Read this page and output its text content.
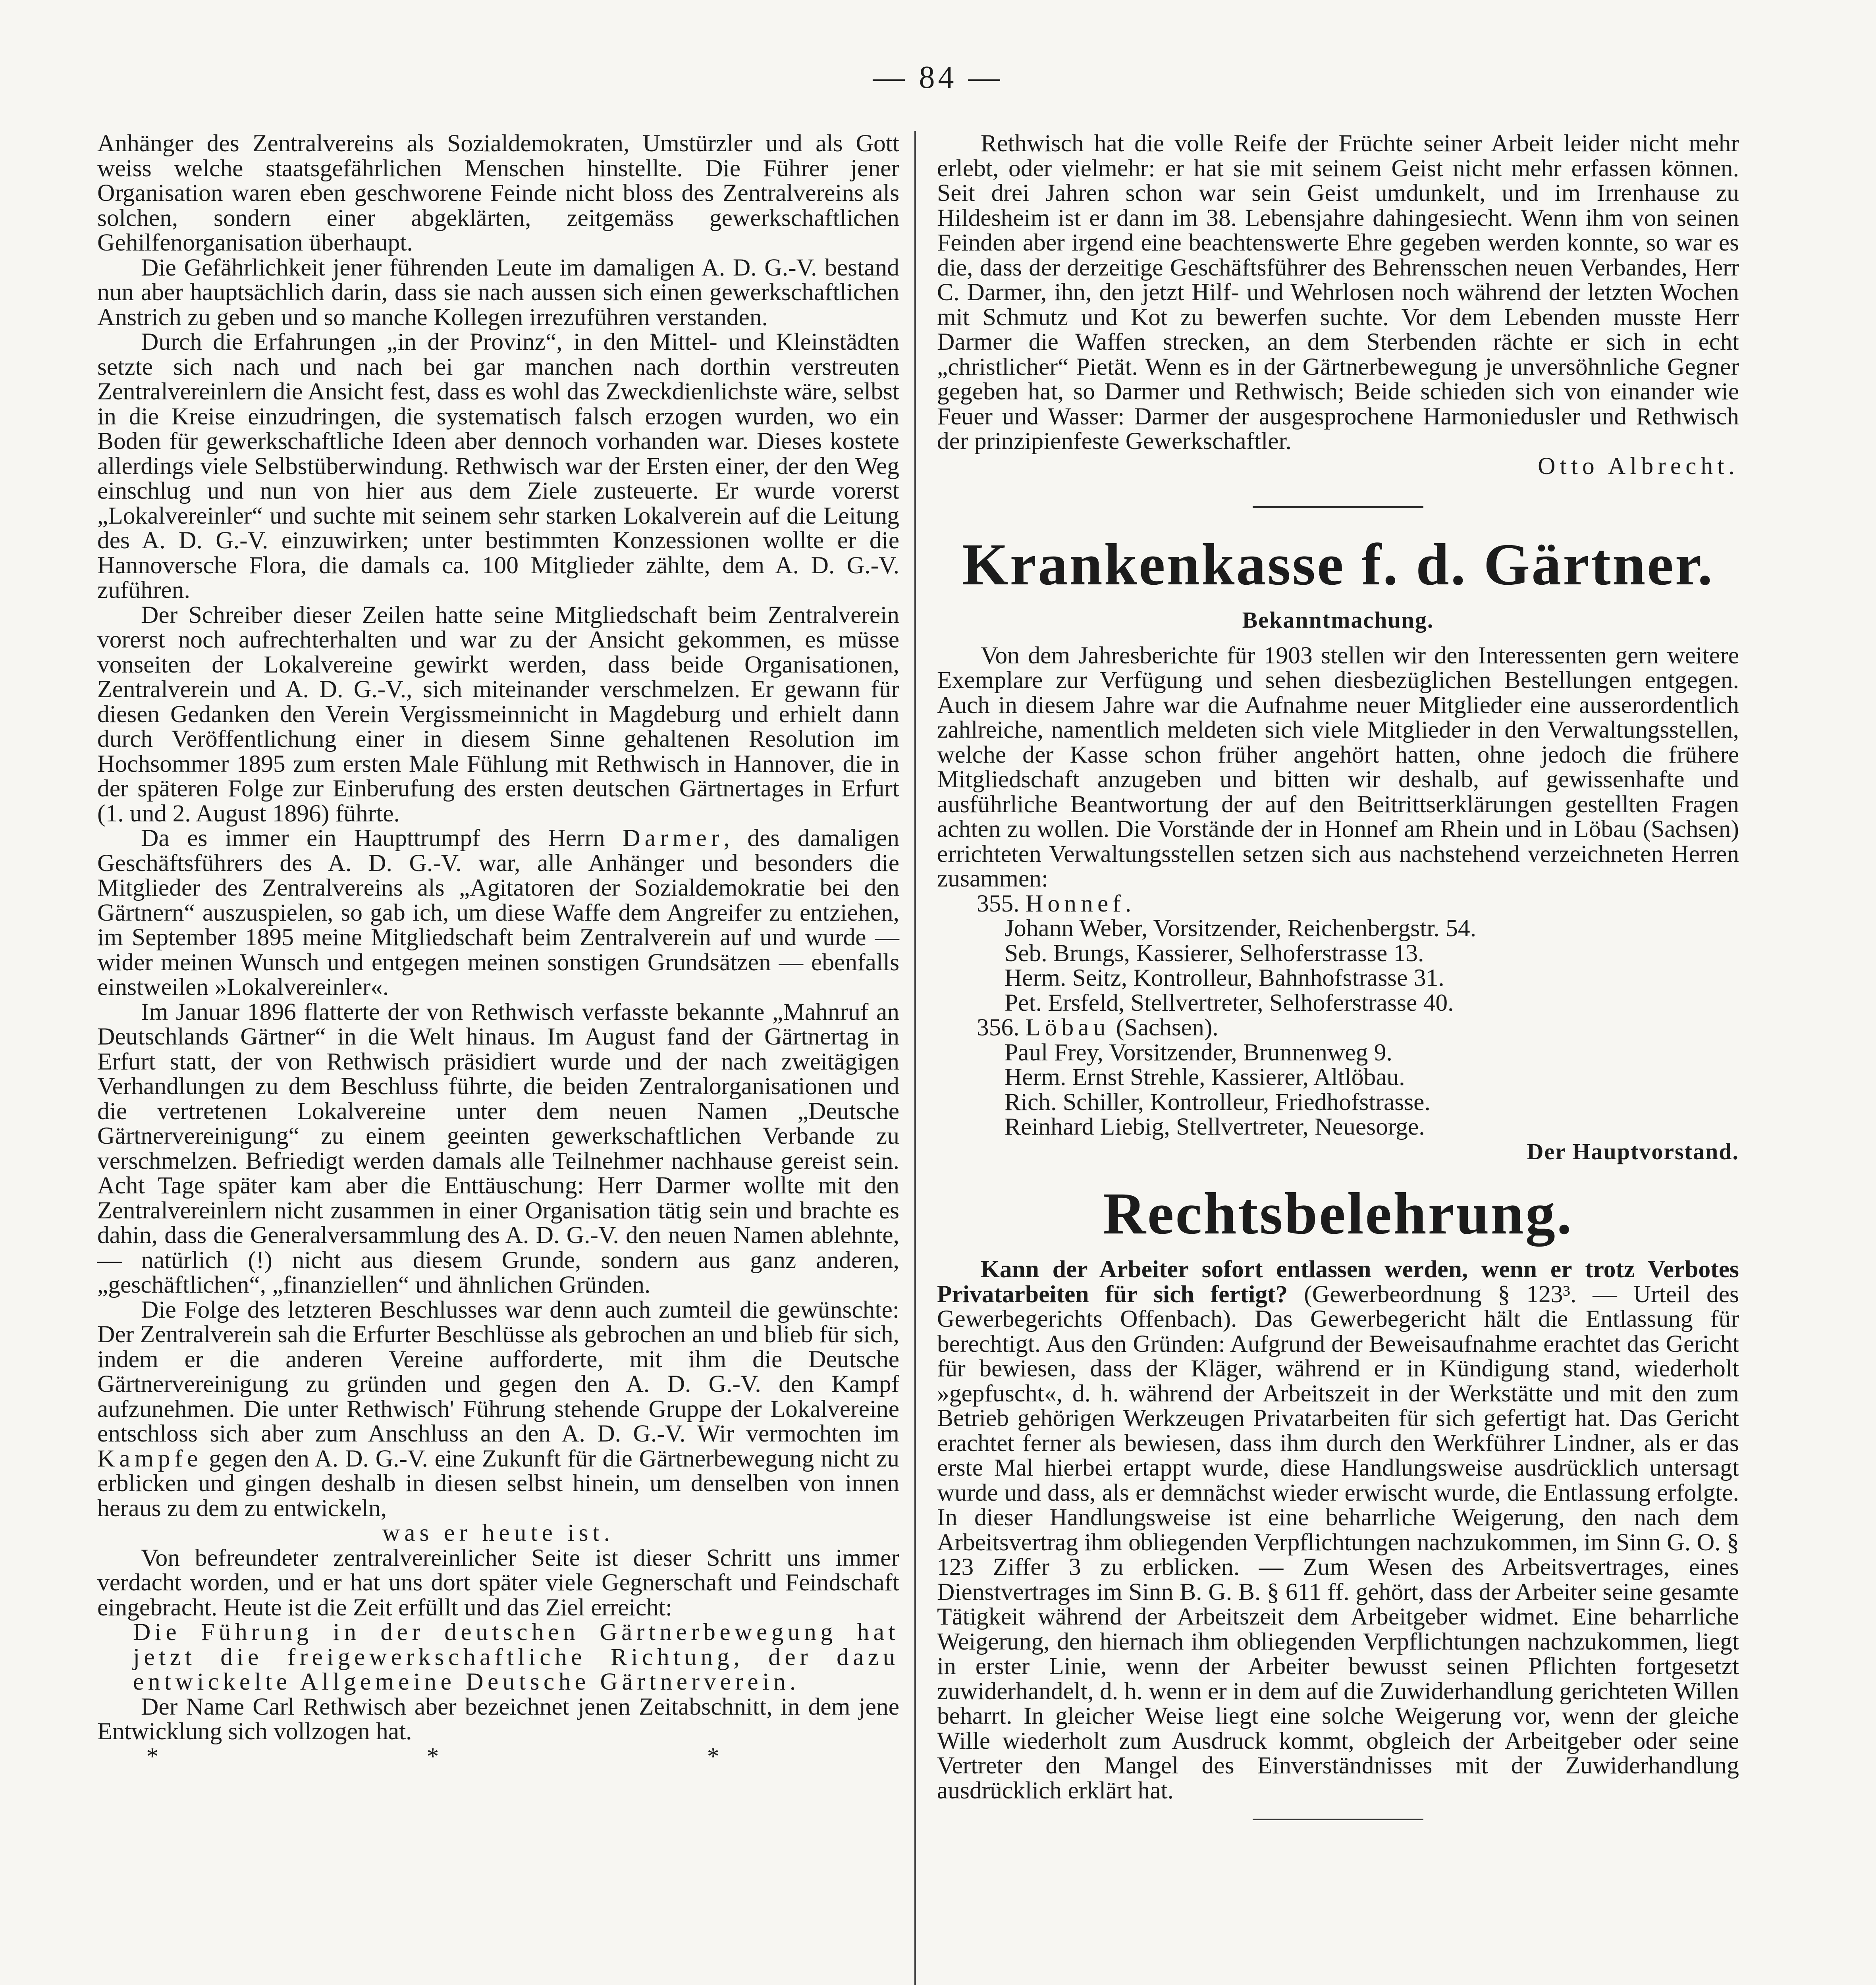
— 84 —

Anhänger des Zentralvereins als Sozialdemokraten, Umstürzler und als Gott weiss welche staatsgefährlichen Menschen hinstellte. Die Führer jener Organisation waren eben geschworene Feinde nicht bloss des Zentralvereins als solchen, sondern einer abgeklärten, zeitgemäss gewerkschaftlichen Gehilfenorganisation überhaupt.

Die Gefährlichkeit jener führenden Leute im damaligen A. D. G.-V. bestand nun aber hauptsächlich darin, dass sie nach aussen sich einen gewerkschaftlichen Anstrich zu geben und so manche Kollegen irrezuführen verstanden.

Durch die Erfahrungen „in der Provinz“, in den Mittel- und Kleinstädten setzte sich nach und nach bei gar manchen nach dorthin verstreuten Zentralvereinlern die Ansicht fest, dass es wohl das Zweckdienlichste wäre, selbst in die Kreise einzudringen, die systematisch falsch erzogen wurden, wo ein Boden für gewerkschaftliche Ideen aber dennoch vorhanden war. Dieses kostete allerdings viele Selbstüberwindung. Rethwisch war der Ersten einer, der den Weg einschlug und nun von hier aus dem Ziele zusteuerte. Er wurde vorerst „Lokalvereinler“ und suchte mit seinem sehr starken Lokalverein auf die Leitung des A. D. G.-V. einzuwirken; unter bestimmten Konzessionen wollte er die Hannoversche Flora, die damals ca. 100 Mitglieder zählte, dem A. D. G.-V. zuführen.

Der Schreiber dieser Zeilen hatte seine Mitgliedschaft beim Zentralverein vorerst noch aufrechterhalten und war zu der Ansicht gekommen, es müsse vonseiten der Lokalvereine gewirkt werden, dass beide Organisationen, Zentralverein und A. D. G.-V., sich miteinander verschmelzen. Er gewann für diesen Gedanken den Verein Vergissmeinnicht in Magdeburg und erhielt dann durch Veröffentlichung einer in diesem Sinne gehaltenen Resolution im Hochsommer 1895 zum ersten Male Fühlung mit Rethwisch in Hannover, die in der späteren Folge zur Einberufung des ersten deutschen Gärtnertages in Erfurt (1. und 2. August 1896) führte.

Da es immer ein Haupttrumpf des Herrn Darmer, des damaligen Geschäftsführers des A. D. G.-V. war, alle Anhänger und besonders die Mitglieder des Zentralvereins als „Agitatoren der Sozialdemokratie bei den Gärtnern“ auszuspielen, so gab ich, um diese Waffe dem Angreifer zu entziehen, im September 1895 meine Mitgliedschaft beim Zentralverein auf und wurde — wider meinen Wunsch und entgegen meinen sonstigen Grundsätzen — ebenfalls einstweilen »Lokalvereinler«.

Im Januar 1896 flatterte der von Rethwisch verfasste bekannte „Mahnruf an Deutschlands Gärtner“ in die Welt hinaus. Im August fand der Gärtnertag in Erfurt statt, der von Rethwisch präsidiert wurde und der nach zweitägigen Verhandlungen zu dem Beschluss führte, die beiden Zentralorganisationen und die vertretenen Lokalvereine unter dem neuen Namen „Deutsche Gärtnervereinigung“ zu einem geeinten gewerkschaftlichen Verbande zu verschmelzen. Befriedigt werden damals alle Teilnehmer nachhause gereist sein. Acht Tage später kam aber die Enttäuschung: Herr Darmer wollte mit den Zentralvereinlern nicht zusammen in einer Organisation tätig sein und brachte es dahin, dass die Generalversammlung des A. D. G.-V. den neuen Namen ablehnte, — natürlich (!) nicht aus diesem Grunde, sondern aus ganz anderen, „geschäftlichen“, „finanziellen“ und ähnlichen Gründen.

Die Folge des letzteren Beschlusses war denn auch zumteil die gewünschte: Der Zentralverein sah die Erfurter Beschlüsse als gebrochen an und blieb für sich, indem er die anderen Vereine aufforderte, mit ihm die Deutsche Gärtnervereinigung zu gründen und gegen den A. D. G.-V. den Kampf aufzunehmen. Die unter Rethwisch' Führung stehende Gruppe der Lokalvereine entschloss sich aber zum Anschluss an den A. D. G.-V. Wir vermochten im Kampfe gegen den A. D. G.-V. eine Zukunft für die Gärtnerbewegung nicht zu erblicken und gingen deshalb in diesen selbst hinein, um denselben von innen heraus zu dem zu entwickeln,

was er heute ist.

Von befreundeter zentralvereinlicher Seite ist dieser Schritt uns immer verdacht worden, und er hat uns dort später viele Gegnerschaft und Feindschaft eingebracht. Heute ist die Zeit erfüllt und das Ziel erreicht:

Die Führung in der deutschen Gärtnerbewegung hat jetzt die freigewerkschaftliche Richtung, der dazu entwickelte Allgemeine Deutsche Gärtnerverein.

Der Name Carl Rethwisch aber bezeichnet jenen Zeitabschnitt, in dem jene Entwicklung sich vollzogen hat.

* * *

Rethwisch hat die volle Reife der Früchte seiner Arbeit leider nicht mehr erlebt, oder vielmehr: er hat sie mit seinem Geist nicht mehr erfassen können. Seit drei Jahren schon war sein Geist umdunkelt, und im Irrenhause zu Hildesheim ist er dann im 38. Lebensjahre dahingesiecht. Wenn ihm von seinen Feinden aber irgend eine beachtenswerte Ehre gegeben werden konnte, so war es die, dass der derzeitige Geschäftsführer des Behrensschen neuen Verbandes, Herr C. Darmer, ihn, den jetzt Hilf- und Wehrlosen noch während der letzten Wochen mit Schmutz und Kot zu bewerfen suchte. Vor dem Lebenden musste Herr Darmer die Waffen strecken, an dem Sterbenden rächte er sich in echt „christlicher“ Pietät. Wenn es in der Gärtnerbewegung je unversöhnliche Gegner gegeben hat, so Darmer und Rethwisch; Beide schieden sich von einander wie Feuer und Wasser: Darmer der ausgesprochene Harmoniedusler und Rethwisch der prinzipienfeste Gewerkschaftler.

Otto Albrecht.

Krankenkasse f. d. Gärtner.
Bekanntmachung.

Von dem Jahresberichte für 1903 stellen wir den Interessenten gern weitere Exemplare zur Verfügung und sehen diesbezüglichen Bestellungen entgegen. Auch in diesem Jahre war die Aufnahme neuer Mitglieder eine ausserordentlich zahlreiche, namentlich meldeten sich viele Mitglieder in den Verwaltungsstellen, welche der Kasse schon früher angehört hatten, ohne jedoch die frühere Mitgliedschaft anzugeben und bitten wir deshalb, auf gewissenhafte und ausführliche Beantwortung der auf den Beitrittserklärungen gestellten Fragen achten zu wollen. Die Vorstände der in Honnef am Rhein und in Löbau (Sachsen) errichteten Verwaltungsstellen setzen sich aus nachstehend verzeichneten Herren zusammen:

355. Honnef.

Johann Weber, Vorsitzender, Reichenbergstr. 54.

Seb. Brungs, Kassierer, Selhoferstrasse 13.

Herm. Seitz, Kontrolleur, Bahnhofstrasse 31.

Pet. Ersfeld, Stellvertreter, Selhoferstrasse 40.

356. Löbau (Sachsen).

Paul Frey, Vorsitzender, Brunnenweg 9.

Herm. Ernst Strehle, Kassierer, Altlöbau.

Rich. Schiller, Kontrolleur, Friedhofstrasse.

Reinhard Liebig, Stellvertreter, Neuesorge.

Der Hauptvorstand.

Rechtsbelehrung.

Kann der Arbeiter sofort entlassen werden, wenn er trotz Verbotes Privatarbeiten für sich fertigt? (Gewerbeordnung § 123³. — Urteil des Gewerbegerichts Offenbach). Das Gewerbegericht hält die Entlassung für berechtigt. Aus den Gründen: Aufgrund der Beweisaufnahme erachtet das Gericht für bewiesen, dass der Kläger, während er in Kündigung stand, wiederholt »gepfuscht«, d. h. während der Arbeitszeit in der Werkstätte und mit den zum Betrieb gehörigen Werkzeugen Privatarbeiten für sich gefertigt hat. Das Gericht erachtet ferner als bewiesen, dass ihm durch den Werkführer Lindner, als er das erste Mal hierbei ertappt wurde, diese Handlungsweise ausdrücklich untersagt wurde und dass, als er demnächst wieder erwischt wurde, die Entlassung erfolgte. In dieser Handlungsweise ist eine beharrliche Weigerung, den nach dem Arbeitsvertrag ihm obliegenden Verpflichtungen nachzukommen, im Sinn G. O. § 123 Ziffer 3 zu erblicken. — Zum Wesen des Arbeitsvertrages, eines Dienstvertrages im Sinn B. G. B. § 611 ff. gehört, dass der Arbeiter seine gesamte Tätigkeit während der Arbeitszeit dem Arbeitgeber widmet. Eine beharrliche Weigerung, den hiernach ihm obliegenden Verpflichtungen nachzukommen, liegt in erster Linie, wenn der Arbeiter bewusst seinen Pflichten fortgesetzt zuwiderhandelt, d. h. wenn er in dem auf die Zuwiderhandlung gerichteten Willen beharrt. In gleicher Weise liegt eine solche Weigerung vor, wenn der gleiche Wille wiederholt zum Ausdruck kommt, obgleich der Arbeitgeber oder seine Vertreter den Mangel des Einverständnisses mit der Zuwiderhandlung ausdrücklich erklärt hat.
